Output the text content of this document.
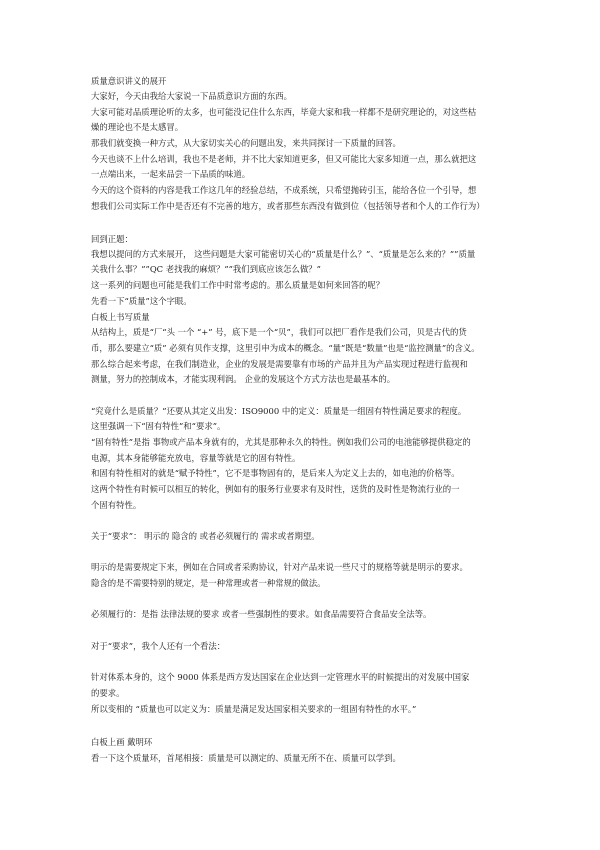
质量意识讲义的展开

大家好，今天由我给大家说一下品质意识方面的东西。

大家可能对品质理论听的太多，也可能没记住什么东西，毕竟大家和我一样都不是研究理论的，对这些枯

燥的理论也不是太感冒。

那我们就变换一种方式，从大家切实关心的问题出发，来共同探讨一下质量的回答。

今天也谈不上什么培训，我也不是老师，并不比大家知道更多，但又可能比大家多知道一点，那么就把这

一点端出来，一起来品尝一下品质的味道。

今天的这个资料的内容是我工作这几年的经验总结，不成系统，只希望抛砖引玉，能给各位一个引导，想

想我们公司实际工作中是否还有不完善的地方，或者那些东西没有做到位（包括领导者和个人的工作行为）

回到正题：

我想以提问的方式来展开， 这些问题是大家可能密切关心的“质量是什么？”、“质量是怎么来的？””质量

关我什么事？””QC 老找我的麻烦？””我们到底应该怎么做？”

这一系列的问题也可能是我们工作中时常考虑的。那么质量是如何来回答的呢？

先看一下“质量”这个字眼。

白板上书写质量

从结构上，质是“厂“头 一个 “+” 号，底下是一个“贝”，我们可以把厂看作是我们公司，贝是古代的货

币，那么要建立“质” 必须有贝作支撑，这里引申为成本的概念。“量”既是“数量”也是“监控测量”的含义。

那么综合起来考虑，在我们制造业，企业的发展是需要靠有市场的产品并且为产品实现过程进行监视和

测量，努力的控制成本，才能实现利润。 企业的发展这个方式方法也是最基本的。

“究竟什么是质量？”还要从其定义出发：ISO9000 中的定义：质量是一组固有特性满足要求的程度。

这里强调一下“固有特性”和“要求”。

“固有特性”是指 事物或产品本身就有的，尤其是那种永久的特性。例如我们公司的电池能够提供稳定的

电源，其本身能够能充放电，容量等就是它的固有特性。

和固有特性相对的就是“赋予特性”，它不是事物固有的，是后来人为定义上去的，如电池的价格等。

这两个特性有时候可以相互的转化，例如有的服务行业要求有及时性，送货的及时性是物流行业的一

个固有特性。

关于“要求”： 明示的 隐含的 或者必须履行的 需求或者期望。

明示的是需要规定下来，例如在合同或者采购协议，针对产品来说一些尺寸的规格等就是明示的要求。

隐含的是不需要特别的规定，是一种常理或者一种常规的做法。

必须履行的：是指 法律法规的要求 或者一些强制性的要求。如食品需要符合食品安全法等。

对于“要求”，我个人还有一个看法：

针对体系本身的，这个 9000 体系是西方发达国家在企业达到一定管理水平的时候提出的对发展中国家

的要求。

所以变相的 “质量也可以定义为：质量是满足发达国家相关要求的一组固有特性的水平。”

白板上画 戴明环

看一下这个质量环，首尾相接：质量是可以测定的、质量无所不在、质量可以学到。
